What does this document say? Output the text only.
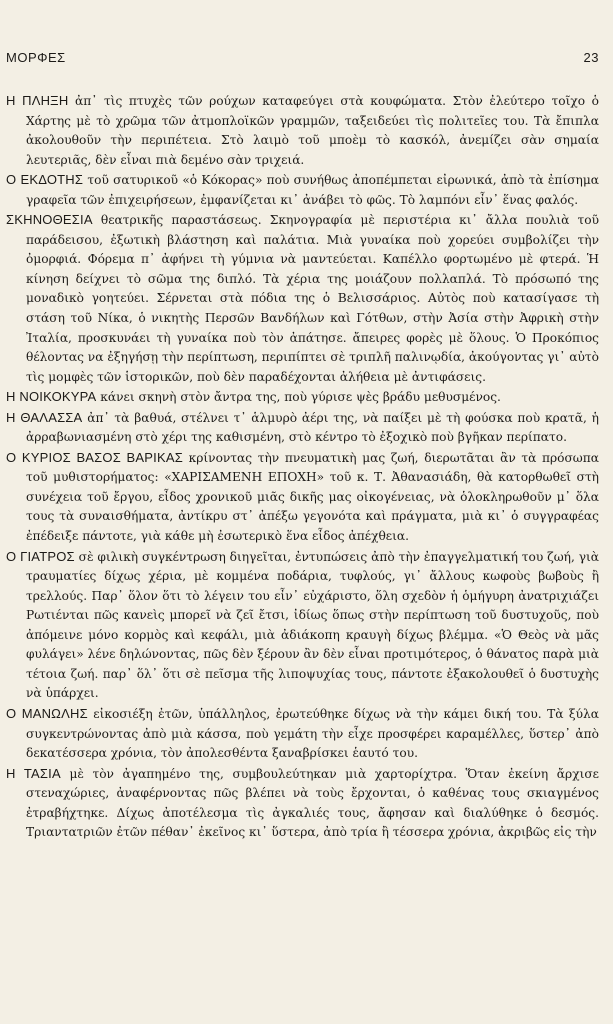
ΜΟΡΦΕΣ	23

Η ΠΛΗΞΗ ἀπ᾽ τὶς πτυχὲς τῶν ρούχων καταφεύγει στὰ κουφώματα. Στὸν ἐλεύτερο τοῖχο ὁ Χάρτης μὲ τὸ χρῶμα τῶν ἀτμοπλοϊκῶν γραμμῶν, ταξειδεύει τὶς πολιτεῖες του. Τὰ ἔπιπλα ἀκολουθοῦν τὴν περιπέτεια. Στὸ λαιμὸ τοῦ μποὲμ τὸ κασκόλ, ἀνεμίζει σὰν σημαία λευτεριᾶς, δὲν εἶναι πιὰ δεμένο σὰν τριχειά.

Ο ΕΚΔΟΤΗΣ τοῦ σατυρικοῦ «ὁ Κόκορας» ποὺ συνήθως ἀποπέμπεται εἰρωνικά, ἀπὸ τὰ ἐπίσημα γραφεῖα τῶν ἐπιχειρήσεων, ἐμφανίζεται κι᾽ ἀνάβει τὸ φῶς. Τὸ λαμπόνι εἶν᾽ ἕνας φαλός.

ΣΚΗΝΟΘΕΣΙΑ θεατρικῆς παραστάσεως. Σκηνογραφία μὲ περιστέρια κι᾽ ἄλλα πουλιὰ τοῦ παράδεισου, ἐξωτικὴ βλάστηση καὶ παλάτια. Μιὰ γυναίκα ποὺ χορεύει συμβολίζει τὴν ὀμορφιά. Φόρεμα π᾽ ἀφήνει τὴ γύμνια νὰ μαντεύεται. Καπέλλο φορτωμένο μὲ φτερά. Ἡ κίνηση δείχνει τὸ σῶμα της διπλό. Τὰ χέρια της μοιάζουν πολλαπλά. Τὸ πρόσωπό της μοναδικὸ γοητεύει. Σέρνεται στὰ πόδια της ὁ Βελισσάριος. Αὐτὸς ποὺ κατασίγασε τὴ στάση τοῦ Νίκα, ὁ νικητὴς Περσῶν Βανδήλων καὶ Γότθων, στὴν Ἀσία στὴν Ἀφρικὴ στὴν Ἰταλία, προσκυνάει τὴ γυναίκα ποὺ τὸν ἀπάτησε. ἄπειρες φορὲς μὲ ὅλους. Ὁ Προκόπιος θέλοντας να ἐξηγήσῃ τὴν περίπτωση, περιπίπτει σὲ τριπλῆ παλινῳδία, ἀκούγοντας γι᾽ αὐτὸ τὶς μομφὲς τῶν ἱστορικῶν, ποὺ δὲν παραδέχονται ἀλήθεια μὲ ἀντιφάσεις.

Η ΝΟΙΚΟΚΥΡΑ κάνει σκηνὴ στὸν ἄντρα της, ποὺ γύρισε ψὲς βράδυ μεθυσμένος.

Η ΘΑΛΑΣΣΑ ἀπ᾽ τὰ βαθυά, στέλνει τ᾽ ἁλμυρὸ ἀέρι της, νὰ παίξει μὲ τὴ φούσκα ποὺ κρατᾶ, ἡ ἀρραβωνιασμένη στὸ χέρι της καθισμένη, στὸ κέντρο τὸ ἐξοχικὸ ποὺ βγῆκαν περίπατο.

Ο ΚΥΡΙΟΣ ΒΑΣΟΣ ΒΑΡΙΚΑΣ κρίνοντας τὴν πνευματικὴ μας ζωή, διερωτᾶται ἂν τὰ πρόσωπα τοῦ μυθιστορήματος: «ΧΑΡΙΣΑΜΕΝΗ ΕΠΟΧΗ» τοῦ κ. Τ. Ἀθανασιάδη, θὰ κατορθωθεῖ στὴ συνέχεια τοῦ ἔργου, εἶδος χρονικοῦ μιᾶς δικῆς μας οἰκογένειας, νὰ ὁλοκληρωθοῦν μ᾽ ὅλα τους τὰ συναισθήματα, ἀντίκρυ στ᾽ ἀπέξω γεγονότα καὶ πράγματα, μιὰ κι᾽ ὁ συγγραφέας ἐπέδειξε πάντοτε, γιὰ κάθε μὴ ἐσωτερικὸ ἕνα εἶδος ἀπέχθεια.

Ο ΓΙΑΤΡΟΣ σὲ φιλικὴ συγκέντρωση διηγεῖται, ἐντυπώσεις ἀπὸ τὴν ἐπαγγελματική του ζωή, γιὰ τραυματίες δίχως χέρια, μὲ κομμένα ποδάρια, τυφλούς, γι᾽ ἄλλους κωφοὺς βωβοὺς ἢ τρελλούς. Παρ᾽ ὅλον ὅτι τὸ λέγειν του εἶν᾽ εὐχάριστο, ὅλη σχεδὸν ἡ ὁμήγυρη ἀνατριχιάζει Ρωτιένται πῶς κανεὶς μπορεῖ νὰ ζεῖ ἔτσι, ἰδίως ὅπως στὴν περίπτωση τοῦ δυστυχοῦς, ποὺ ἀπόμεινε μόνο κορμὸς καὶ κεφάλι, μιὰ ἀδιάκοπη κραυγὴ δίχως βλέμμα. «Ὁ Θεὸς νὰ μᾶς φυλάγει» λένε δηλώνοντας, πῶς δὲν ξέρουν ἂν δὲν εἶναι προτιμότερος, ὁ θάνατος παρὰ μιὰ τέτοια ζωή. παρ᾽ ὅλ᾽ ὅτι σὲ πεῖσμα τῆς λιποψυχίας τους, πάντοτε ἐξακολουθεῖ ὁ δυστυχὴς νὰ ὑπάρχει.

Ο ΜΑΝΩΛΗΣ εἰκοσιέξη ἐτῶν, ὑπάλληλος, ἐρωτεύθηκε δίχως νὰ τὴν κάμει δική του. Τὰ ξύλα συγκεντρώνοντας ἀπὸ μιὰ κάσσα, ποὺ γεμάτη τὴν εἶχε προσφέρει καραμέλλες, ὕστερ᾽ ἀπὸ δεκατέσσερα χρόνια, τὸν ἀπολεσθέντα ξαναβρίσκει ἑαυτό του.

Η ΤΑΣΙΑ μὲ τὸν ἀγαπημένο της, συμβουλεύτηκαν μιὰ χαρτορίχτρα. Ὅταν ἐκείνη ἄρχισε στεναχώριες, ἀναφέρνοντας πῶς βλέπει νὰ τοὺς ἔρχονται, ὁ καθένας τους σκιαγμένος ἐτραβήχτηκε. Δίχως ἀποτέλεσμα τὶς ἀγκαλιές τους, ἄφησαν καὶ διαλύθηκε ὁ δεσμός. Τριαντατριῶν ἐτῶν πέθαν᾽ ἐκεῖνος κι᾽ ὕστερα, ἀπὸ τρία ἢ τέσσερα χρόνια, ἀκριβῶς εἰς τὴν
